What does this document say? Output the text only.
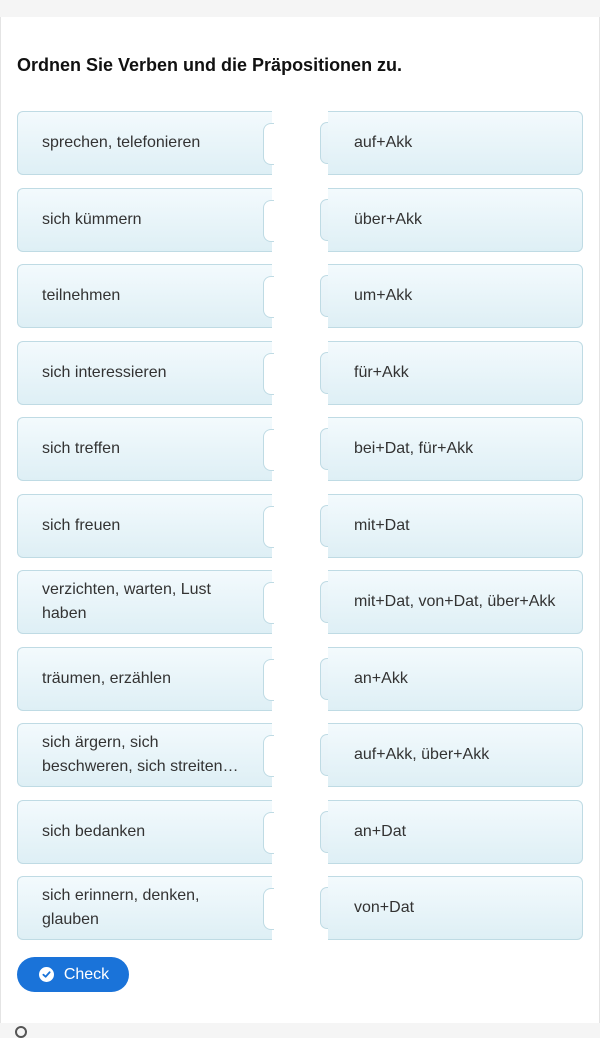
Ordnen Sie Verben und die Präpositionen zu.
sprechen, telefonieren
sich kümmern
teilnehmen
sich interessieren
sich treffen
sich freuen
verzichten, warten, Lust haben
träumen, erzählen
sich ärgern, sich beschweren, sich streiten…
sich bedanken
sich erinnern, denken, glauben
auf+Akk
über+Akk
um+Akk
für+Akk
bei+Dat, für+Akk
mit+Dat
mit+Dat, von+Dat, über+Akk
an+Akk
auf+Akk, über+Akk
an+Dat
von+Dat
Check
